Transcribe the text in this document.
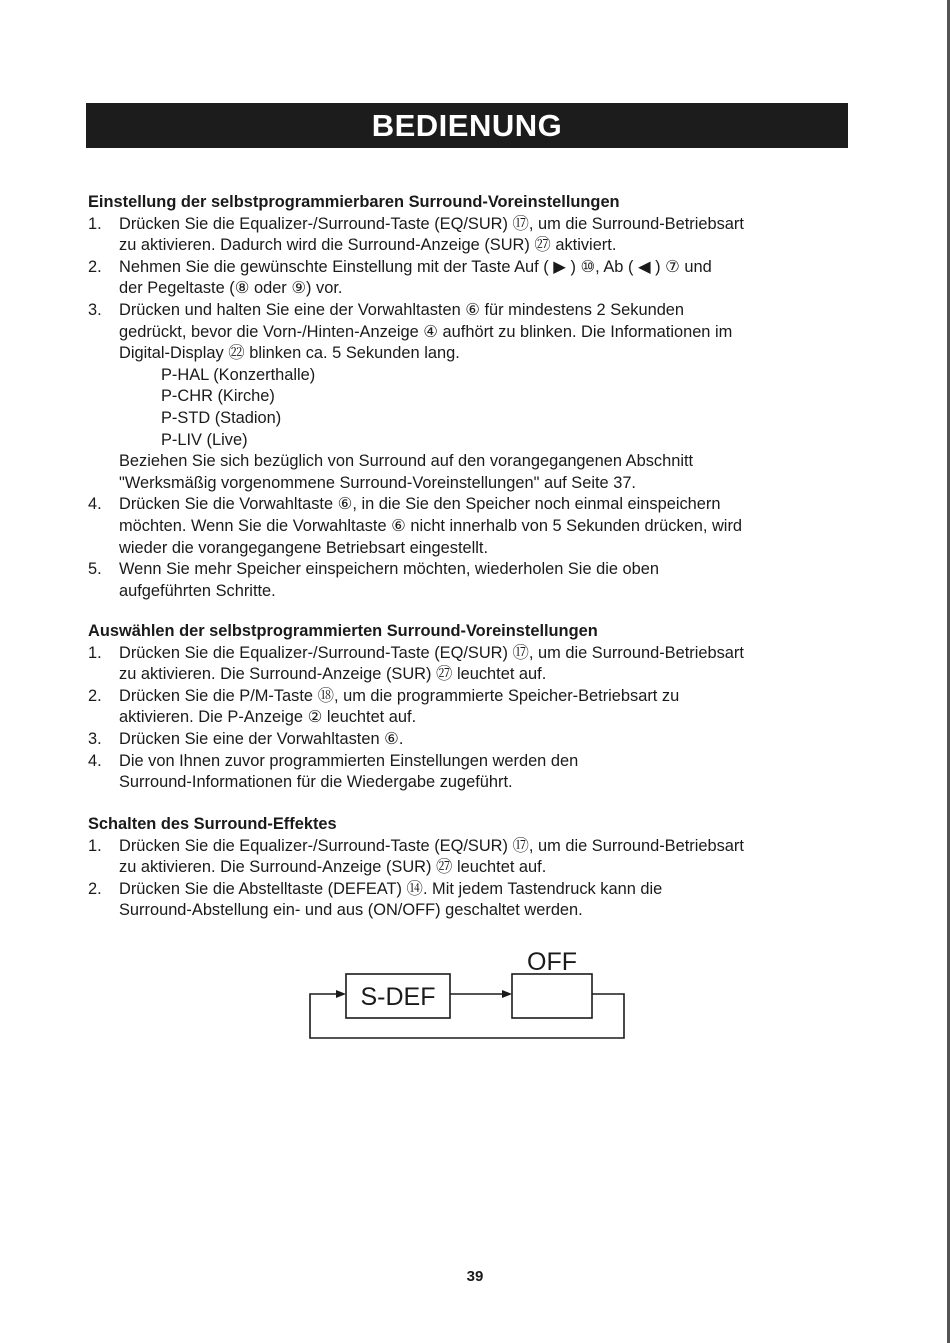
BEDIENUNG
Einstellung der selbstprogrammierbaren Surround-Voreinstellungen
1. Drücken Sie die Equalizer-/Surround-Taste (EQ/SUR) ⑰, um die Surround-Betriebsart
zu aktivieren. Dadurch wird die Surround-Anzeige (SUR) ㉗ aktiviert.
2. Nehmen Sie die gewünschte Einstellung mit der Taste Auf ( ▶ ) ⑩, Ab ( ◀ ) ⑦ und
der Pegeltaste (⑧ oder ⑨) vor.
3. Drücken und halten Sie eine der Vorwahltasten ⑥ für mindestens 2 Sekunden
gedrückt, bevor die Vorn-/Hinten-Anzeige ④ aufhört zu blinken. Die Informationen im
Digital-Display ㉒ blinken ca. 5 Sekunden lang.
P-HAL (Konzerthalle)
P-CHR (Kirche)
P-STD (Stadion)
P-LIV (Live)
Beziehen Sie sich bezüglich von Surround auf den vorangegangenen Abschnitt
"Werksmäßig vorgenommene Surround-Voreinstellungen" auf Seite 37.
4. Drücken Sie die Vorwahltaste ⑥, in die Sie den Speicher noch einmal einspeichern
möchten. Wenn Sie die Vorwahltaste ⑥ nicht innerhalb von 5 Sekunden drücken, wird
wieder die vorangegangene Betriebsart eingestellt.
5. Wenn Sie mehr Speicher einspeichern möchten, wiederholen Sie die oben
aufgeführten Schritte.
Auswählen der selbstprogrammierten Surround-Voreinstellungen
1. Drücken Sie die Equalizer-/Surround-Taste (EQ/SUR) ⑰, um die Surround-Betriebsart
zu aktivieren. Die Surround-Anzeige (SUR) ㉗ leuchtet auf.
2. Drücken Sie die P/M-Taste ⑱, um die programmierte Speicher-Betriebsart zu
aktivieren. Die P-Anzeige ② leuchtet auf.
3. Drücken Sie eine der Vorwahltasten ⑥.
4. Die von Ihnen zuvor programmierten Einstellungen werden den
Surround-Informationen für die Wiedergabe zugeführt.
Schalten des Surround-Effektes
1. Drücken Sie die Equalizer-/Surround-Taste (EQ/SUR) ⑰, um die Surround-Betriebsart
zu aktivieren. Die Surround-Anzeige (SUR) ㉗ leuchtet auf.
2. Drücken Sie die Abstelltaste (DEFEAT) ⑭. Mit jedem Tastendruck kann die
Surround-Abstellung ein- und aus (ON/OFF) geschaltet werden.
S-DEF
OFF
39
